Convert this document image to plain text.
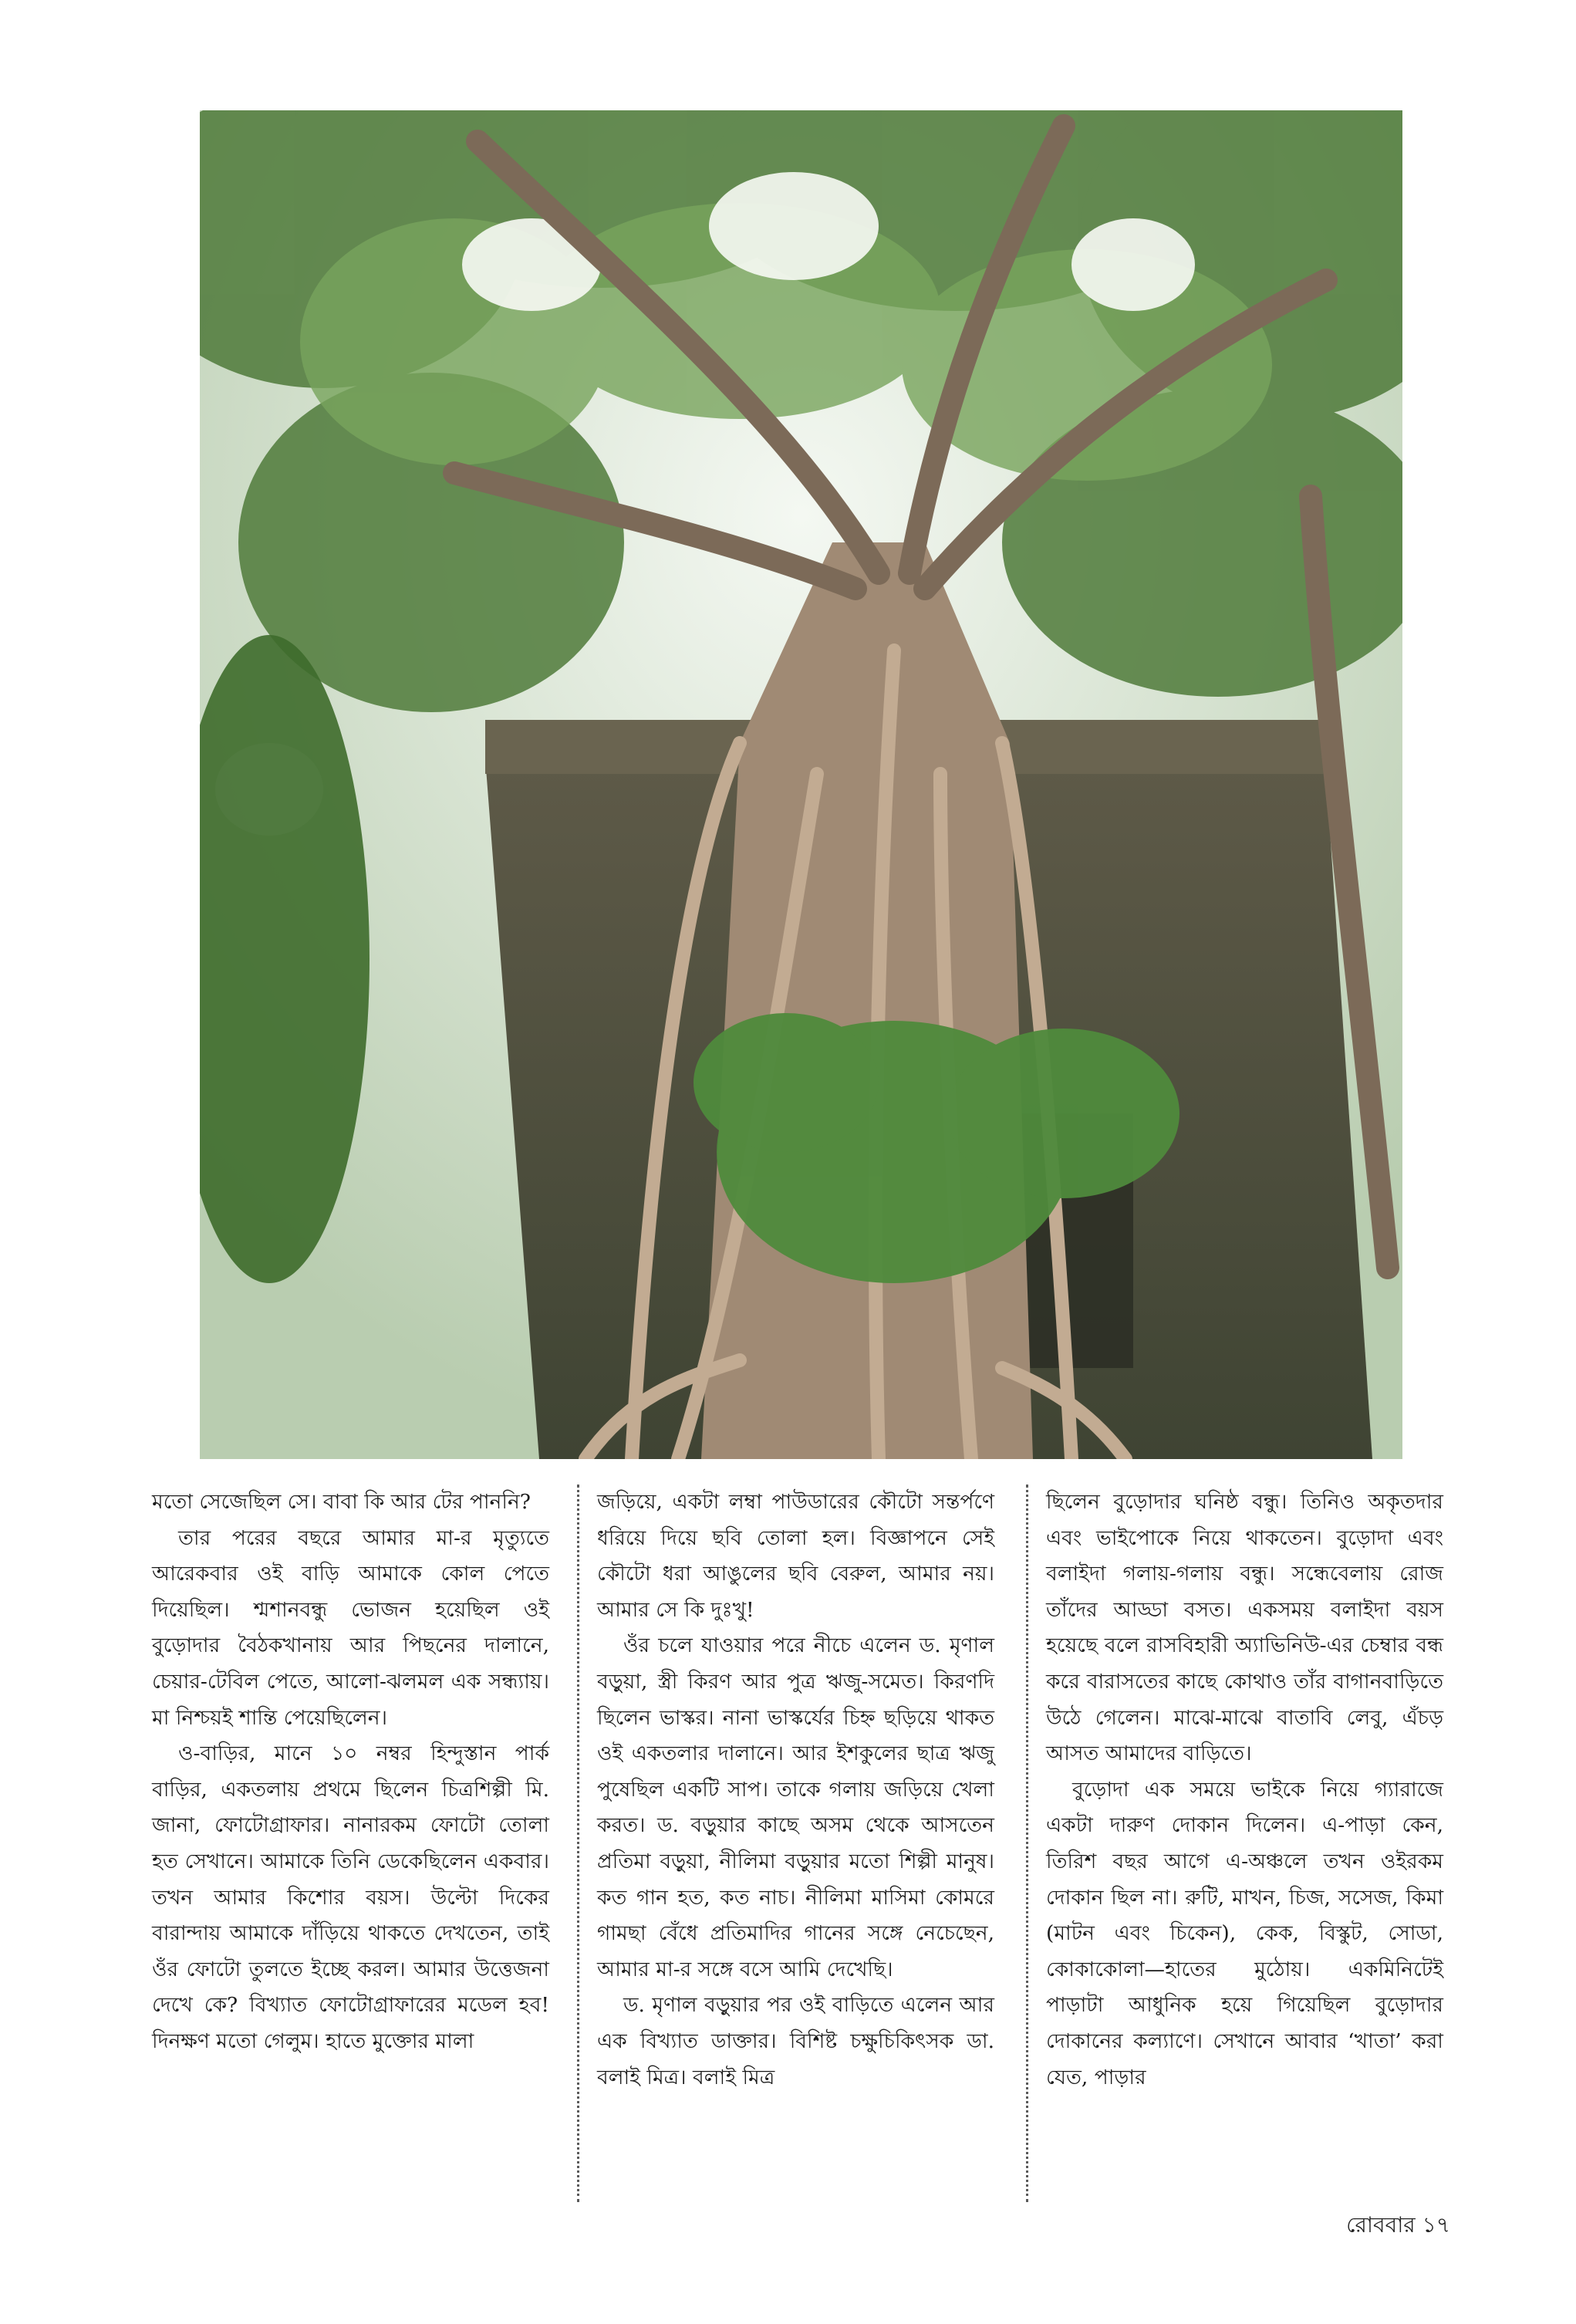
মতো সেজেছিল সে। বাবা কি আর টের পাননি?

তার পরের বছরে আমার মা-র মৃত্যুতে আরেকবার ওই বাড়ি আমাকে কোল পেতে দিয়েছিল। শ্মশানবন্ধু ভোজন হয়েছিল ওই বুড়োদার বৈঠকখানায় আর পিছনের দালানে, চেয়ার-টেবিল পেতে, আলো-ঝলমল এক সন্ধ্যায়। মা নিশ্চয়ই শান্তি পেয়েছিলেন।

ও-বাড়ির, মানে ১০ নম্বর হিন্দুস্তান পার্ক বাড়ির, একতলায় প্রথমে ছিলেন চিত্রশিল্পী মি. জানা, ফোটোগ্রাফার। নানারকম ফোটো তোলা হত সেখানে। আমাকে তিনি ডেকেছিলেন একবার। তখন আমার কিশোর বয়স। উল্টো দিকের বারান্দায় আমাকে দাঁড়িয়ে থাকতে দেখতেন, তাই ওঁর ফোটো তুলতে ইচ্ছে করল। আমার উত্তেজনা দেখে কে? বিখ্যাত ফোটোগ্রাফারের মডেল হব! দিনক্ষণ মতো গেলুম। হাতে মুক্তোর মালা

জড়িয়ে, একটা লম্বা পাউডারের কৌটো সন্তর্পণে ধরিয়ে দিয়ে ছবি তোলা হল। বিজ্ঞাপনে সেই কৌটো ধরা আঙুলের ছবি বেরুল, আমার নয়। আমার সে কি দুঃখু!

ওঁর চলে যাওয়ার পরে নীচে এলেন ড. মৃণাল বড়ুয়া, স্ত্রী কিরণ আর পুত্র ঋজু-সমেত। কিরণদি ছিলেন ভাস্কর। নানা ভাস্কর্যের চিহ্ন ছড়িয়ে থাকত ওই একতলার দালানে। আর ইশকুলের ছাত্র ঋজু পুষেছিল একটি সাপ। তাকে গলায় জড়িয়ে খেলা করত। ড. বড়ুয়ার কাছে অসম থেকে আসতেন প্রতিমা বড়ুয়া, নীলিমা বড়ুয়ার মতো শিল্পী মানুষ। কত গান হত, কত নাচ। নীলিমা মাসিমা কোমরে গামছা বেঁধে প্রতিমাদির গানের সঙ্গে নেচেছেন, আমার মা-র সঙ্গে বসে আমি দেখেছি।

ড. মৃণাল বড়ুয়ার পর ওই বাড়িতে এলেন আর এক বিখ্যাত ডাক্তার। বিশিষ্ট চক্ষুচিকিৎসক ডা. বলাই মিত্র। বলাই মিত্র

ছিলেন বুড়োদার ঘনিষ্ঠ বন্ধু। তিনিও অকৃতদার এবং ভাইপোকে নিয়ে থাকতেন। বুড়োদা এবং বলাইদা গলায়-গলায় বন্ধু। সন্ধেবেলায় রোজ তাঁদের আড্ডা বসত। একসময় বলাইদা বয়স হয়েছে বলে রাসবিহারী অ্যাভিনিউ-এর চেম্বার বন্ধ করে বারাসতের কাছে কোথাও তাঁর বাগানবাড়িতে উঠে গেলেন। মাঝে-মাঝে বাতাবি লেবু, এঁচড় আসত আমাদের বাড়িতে।

বুড়োদা এক সময়ে ভাইকে নিয়ে গ্যারাজে একটা দারুণ দোকান দিলেন। এ-পাড়া কেন, তিরিশ বছর আগে এ-অঞ্চলে তখন ওইরকম দোকান ছিল না। রুটি, মাখন, চিজ, সসেজ, কিমা (মাটন এবং চিকেন), কেক, বিস্কুট, সোডা, কোকাকোলা—হাতের মুঠোয়। একমিনিটেই পাড়াটা আধুনিক হয়ে গিয়েছিল বুড়োদার দোকানের কল্যাণে। সেখানে আবার ‘খাতা’ করা যেত, পাড়ার

রোববার ১৭
